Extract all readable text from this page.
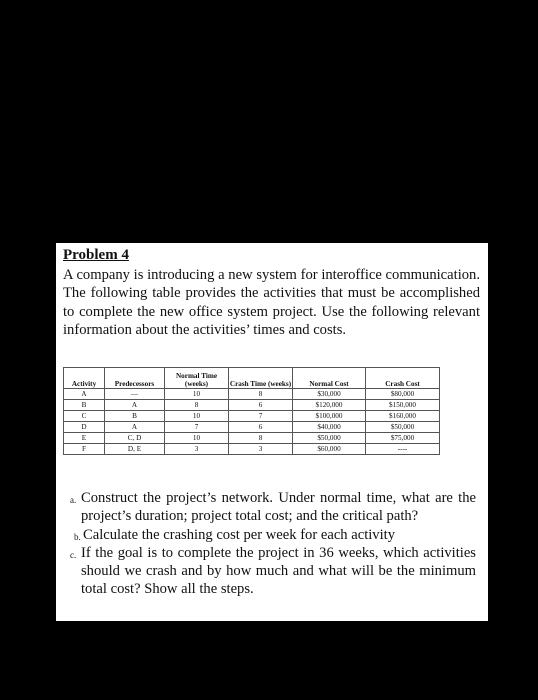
Problem 4

A company is introducing a new system for interoffice communication. The following table provides the activities that must be accomplished to complete the new office system project. Use the following relevant information about the activities’ times and costs.

Activity	Predecessors	Normal Time (weeks)	Crash Time (weeks)	Normal Cost	Crash Cost
A	—	10	8	$30,000	$80,000
B	A	8	6	$120,000	$150,000
C	B	10	7	$100,000	$160,000
D	A	7	6	$40,000	$50,000
E	C, D	10	8	$50,000	$75,000
F	D, E	3	3	$60,000	----
a. Construct the project’s network. Under normal time, what are the project’s duration; project total cost; and the critical path?
b. Calculate the crashing cost per week for each activity
c. If the goal is to complete the project in 36 weeks, which activities should we crash and by how much and what will be the minimum total cost? Show all the steps.
